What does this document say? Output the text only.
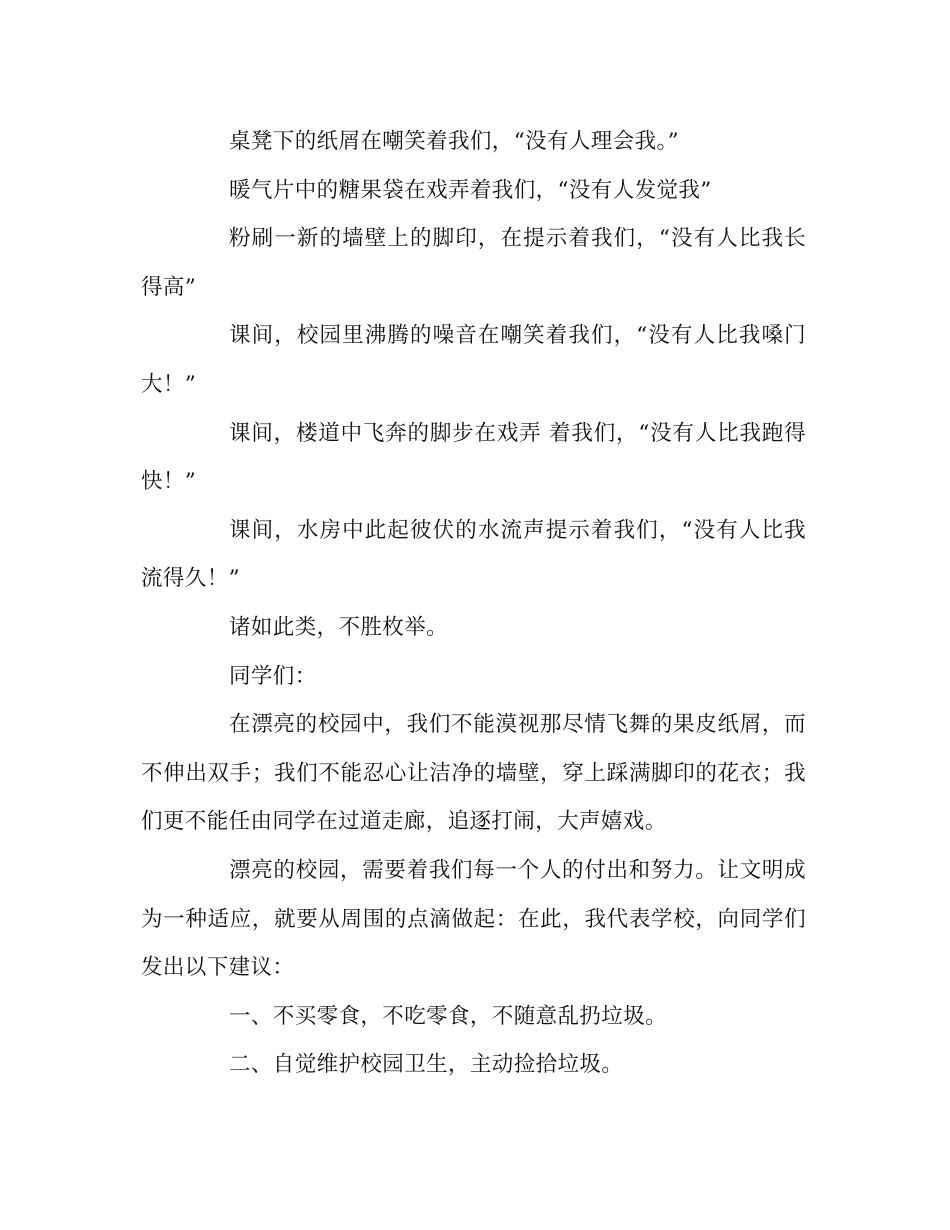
桌凳下的纸屑在嘲笑着我们，“没有人理会我。”

暖气片中的糖果袋在戏弄着我们，“没有人发觉我”

粉刷一新的墙壁上的脚印，在提示着我们，“没有人比我长得高”

课间，校园里沸腾的噪音在嘲笑着我们，“没有人比我嗓门大！”

课间，楼道中飞奔的脚步在戏弄 着我们，“没有人比我跑得快！”

课间，水房中此起彼伏的水流声提示着我们，“没有人比我流得久！”

诸如此类，不胜枚举。

同学们：

在漂亮的校园中，我们不能漠视那尽情飞舞的果皮纸屑，而不伸出双手；我们不能忍心让洁净的墙壁，穿上踩满脚印的花衣；我们更不能任由同学在过道走廊，追逐打闹，大声嬉戏。

漂亮的校园，需要着我们每一个人的付出和努力。让文明成为一种适应，就要从周围的点滴做起：在此，我代表学校，向同学们发出以下建议：

一、不买零食，不吃零食，不随意乱扔垃圾。

二、自觉维护校园卫生，主动捡拾垃圾。
